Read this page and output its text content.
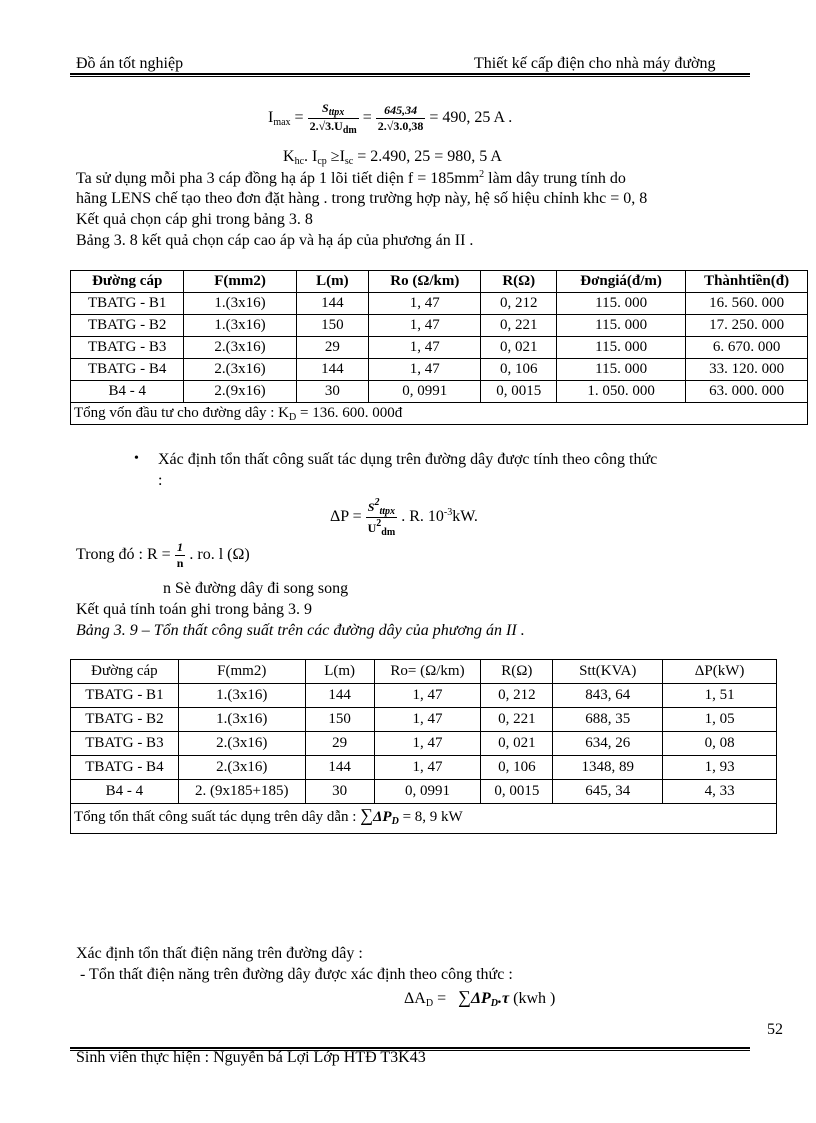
Đồ án tốt nghiệp	Thiết kế cấp điện cho nhà máy đường
$I_{max} = \frac{S_{ttpx}}{2.√3.U_{dm}} = \frac{645,34}{2.√3.0,38} = 490$, 25 A .
$K_{hc}$. $I_{cp} \ge I_{sc} = 2.490$, 25 = 980, 5 A
Ta sử dụng mỗi pha 3 cáp đồng hạ áp 1 lõi tiết diện $f = 185mm^2$ làm dây trung tính do
hãng LENS chế tạo theo đơn đặt hàng . trong trường hợp này, hệ số hiệu chỉnh khc = 0, 8
Kết quả chọn cáp ghi trong bảng 3. 8
Bảng 3. 8 kết quả chọn cáp cao áp và hạ áp của phương án II .
Đường cáp	F(mm2)	L(m)	Ro (Ω/km)	R(Ω)	Đơngiá(đ/m)	Thànhtiền(đ)
TBATG - B1	1.(3x16)	144	1, 47	0, 212	115. 000	16. 560. 000
TBATG - B2	1.(3x16)	150	1, 47	0, 221	115. 000	17. 250. 000
TBATG - B3	2.(3x16)	29	1, 47	0, 021	115. 000	6. 670. 000
TBATG - B4	2.(3x16)	144	1, 47	0, 106	115. 000	33. 120. 000
B4 - 4	2.(9x16)	30	0, 0991	0, 0015	1. 050. 000	63. 000. 000
Tổng vốn đầu tư cho đường dây : $K_D = 136$. 600. 000đ						
• Xác định tổn thất công suất tác dụng trên đường dây được tính theo công thức
:
$\Delta P = \frac{S^2_{ttpx}}{U^2_{dm}}$ . R. $10^{-3}kW$.
Trong đó : $R = \frac{1}{n}$ . ro. l (Ω)
n Sè đường dây đi song song
Kết quả tính toán ghi trong bảng 3. 9
Bảng 3. 9 – Tổn thất công suất trên các đường dây của phương án II .
Đường cáp	F(mm2)	L(m)	Ro= (Ω/km)	R(Ω)	Stt(KVA)	ΔP(kW)
TBATG - B1	1.(3x16)	144	1, 47	0, 212	843, 64	1, 51
TBATG - B2	1.(3x16)	150	1, 47	0, 221	688, 35	1, 05
TBATG - B3	2.(3x16)	29	1, 47	0, 021	634, 26	0, 08
TBATG - B4	2.(3x16)	144	1, 47	0, 106	1348, 89	1, 93
B4 - 4	2. (9x185+185)	30	0, 0991	0, 0015	645, 34	4, 33
Tổng tổn thất công suất tác dụng trên dây dẫn : $\sum\Delta P_D = 8$, 9 kW						
Xác định tổn thất điện năng trên đường dây :
- Tổn thất điện năng trên đường dây được xác định theo công thức :
$\Delta A_D = \sum\Delta P_D.\tau$ (kwh )
52
Sinh viên thực hiện : Nguyễn bá Lợi Lớp HTĐ T3K43
